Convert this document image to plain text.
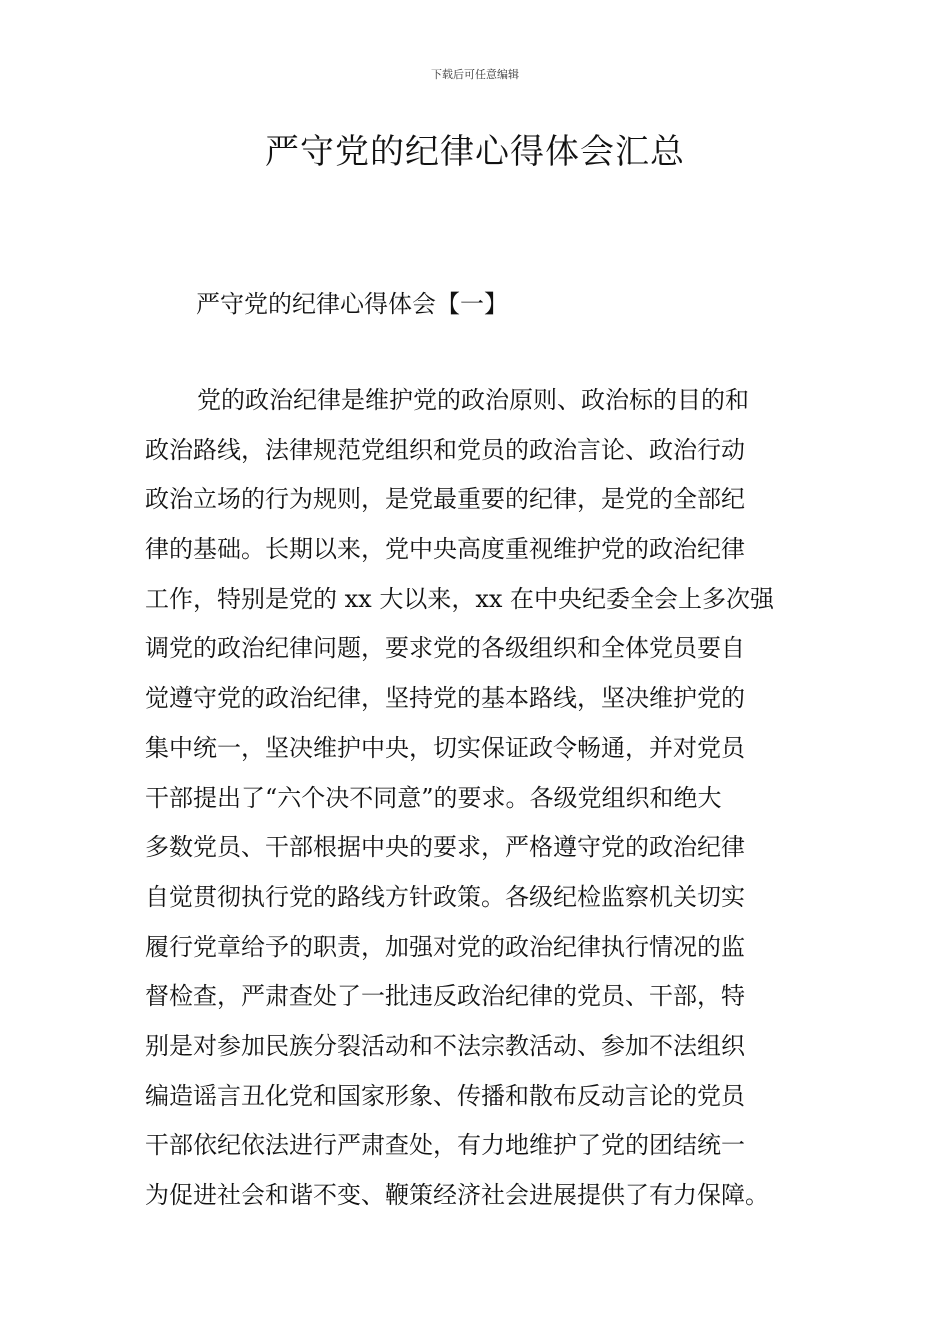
下载后可任意编辑
严守党的纪律心得体会汇总
严守党的纪律心得体会【一】
党的政治纪律是维护党的政治原则、政治标的目的和
政治路线，法律规范党组织和党员的政治言论、政治行动
政治立场的行为规则，是党最重要的纪律，是党的全部纪
律的基础。长期以来，党中央高度重视维护党的政治纪律
工作，特别是党的 xx 大以来，xx 在中央纪委全会上多次强
调党的政治纪律问题，要求党的各级组织和全体党员要自
觉遵守党的政治纪律，坚持党的基本路线，坚决维护党的
集中统一，坚决维护中央，切实保证政令畅通，并对党员
干部提出了“六个决不同意”的要求。各级党组织和绝大
多数党员、干部根据中央的要求，严格遵守党的政治纪律
自觉贯彻执行党的路线方针政策。各级纪检监察机关切实
履行党章给予的职责，加强对党的政治纪律执行情况的监
督检查，严肃查处了一批违反政治纪律的党员、干部，特
别是对参加民族分裂活动和不法宗教活动、参加不法组织
编造谣言丑化党和国家形象、传播和散布反动言论的党员
干部依纪依法进行严肃查处，有力地维护了党的团结统一
为促进社会和谐不变、鞭策经济社会进展提供了有力保障。
